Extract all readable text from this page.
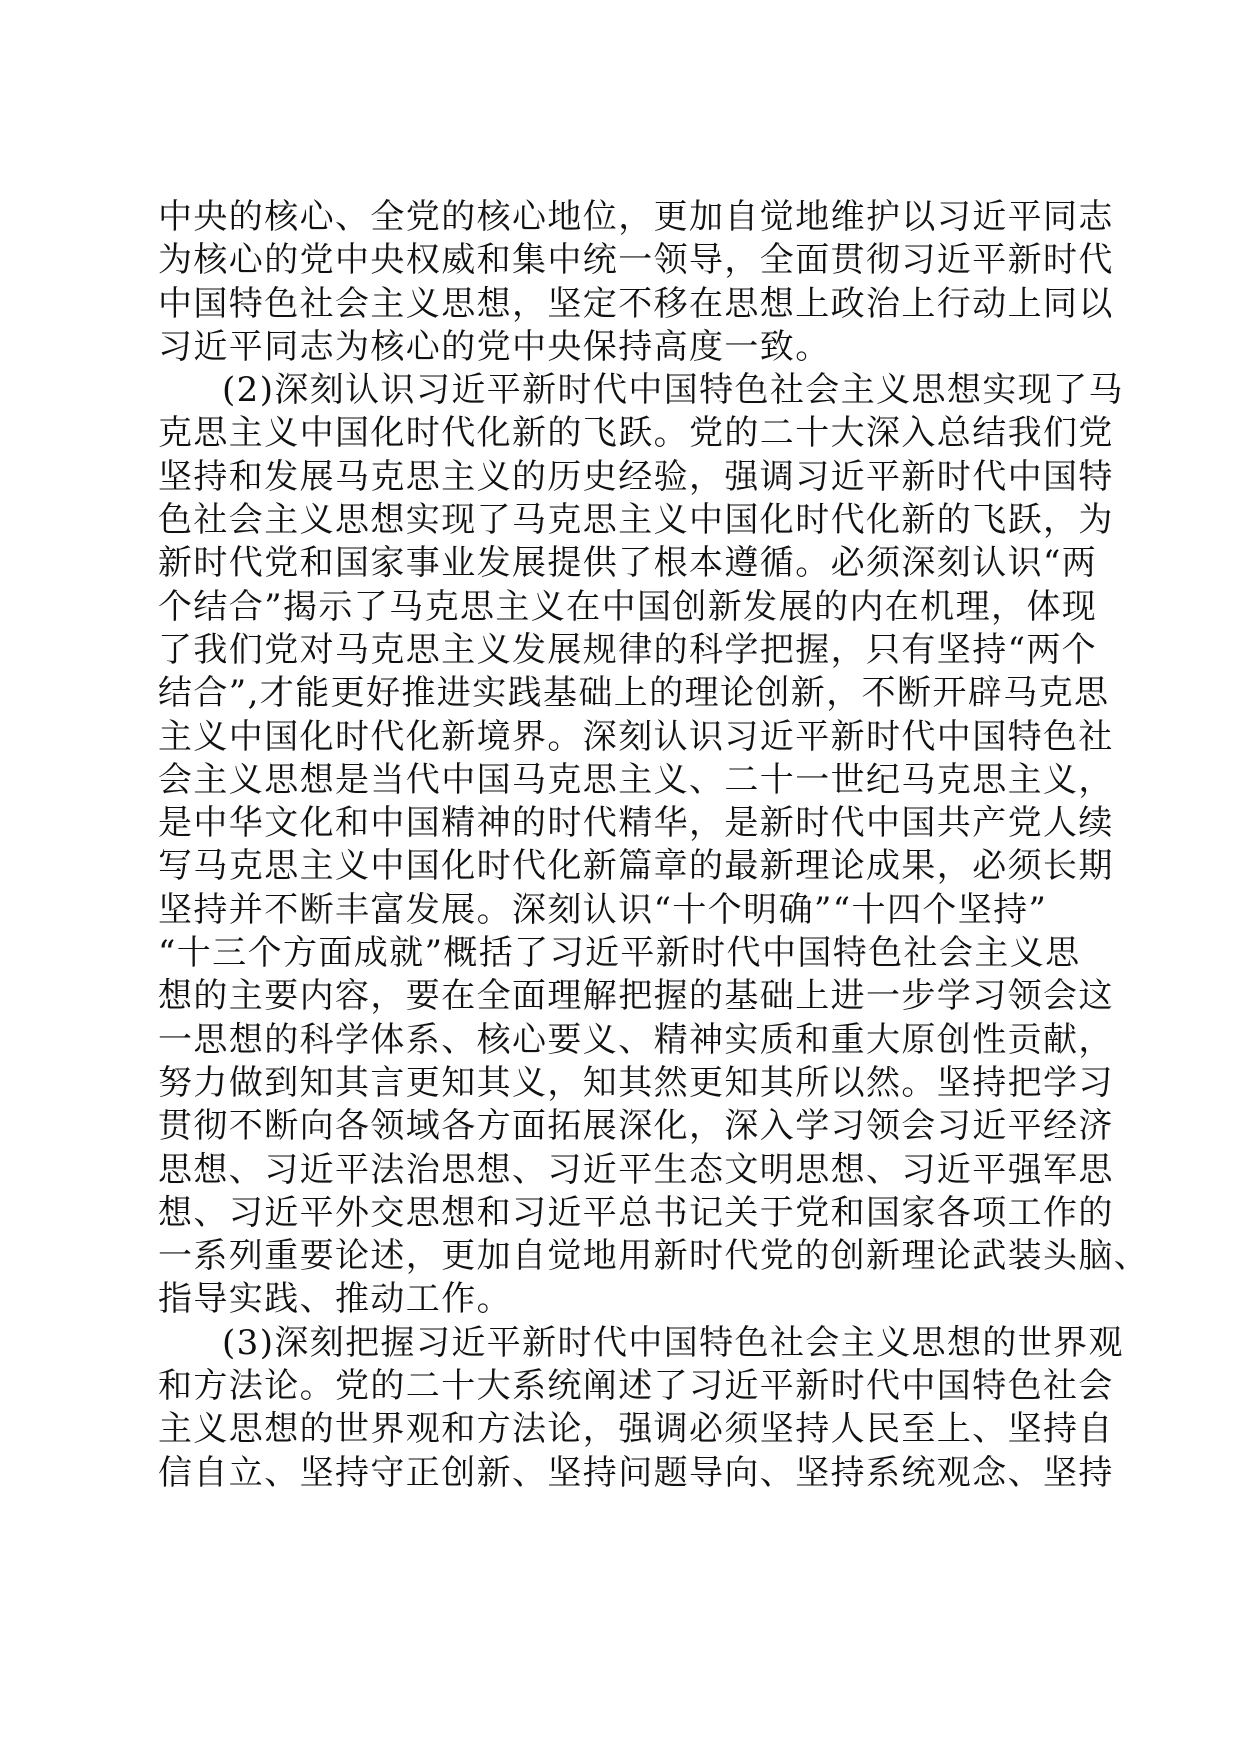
中央的核心、全党的核心地位，更加自觉地维护以习近平同志
为核心的党中央权威和集中统一领导，全面贯彻习近平新时代
中国特色社会主义思想，坚定不移在思想上政治上行动上同以
习近平同志为核心的党中央保持高度一致。
(2)深刻认识习近平新时代中国特色社会主义思想实现了马
克思主义中国化时代化新的飞跃。党的二十大深入总结我们党
坚持和发展马克思主义的历史经验，强调习近平新时代中国特
色社会主义思想实现了马克思主义中国化时代化新的飞跃，为
新时代党和国家事业发展提供了根本遵循。必须深刻认识“两
个结合”揭示了马克思主义在中国创新发展的内在机理，体现
了我们党对马克思主义发展规律的科学把握，只有坚持“两个
结合”,才能更好推进实践基础上的理论创新，不断开辟马克思
主义中国化时代化新境界。深刻认识习近平新时代中国特色社
会主义思想是当代中国马克思主义、二十一世纪马克思主义，
是中华文化和中国精神的时代精华，是新时代中国共产党人续
写马克思主义中国化时代化新篇章的最新理论成果，必须长期
坚持并不断丰富发展。深刻认识“十个明确”“十四个坚持”
“十三个方面成就”概括了习近平新时代中国特色社会主义思
想的主要内容，要在全面理解把握的基础上进一步学习领会这
一思想的科学体系、核心要义、精神实质和重大原创性贡献，
努力做到知其言更知其义，知其然更知其所以然。坚持把学习
贯彻不断向各领域各方面拓展深化，深入学习领会习近平经济
思想、习近平法治思想、习近平生态文明思想、习近平强军思
想、习近平外交思想和习近平总书记关于党和国家各项工作的
一系列重要论述，更加自觉地用新时代党的创新理论武装头脑、
指导实践、推动工作。
(3)深刻把握习近平新时代中国特色社会主义思想的世界观
和方法论。党的二十大系统阐述了习近平新时代中国特色社会
主义思想的世界观和方法论，强调必须坚持人民至上、坚持自
信自立、坚持守正创新、坚持问题导向、坚持系统观念、坚持
